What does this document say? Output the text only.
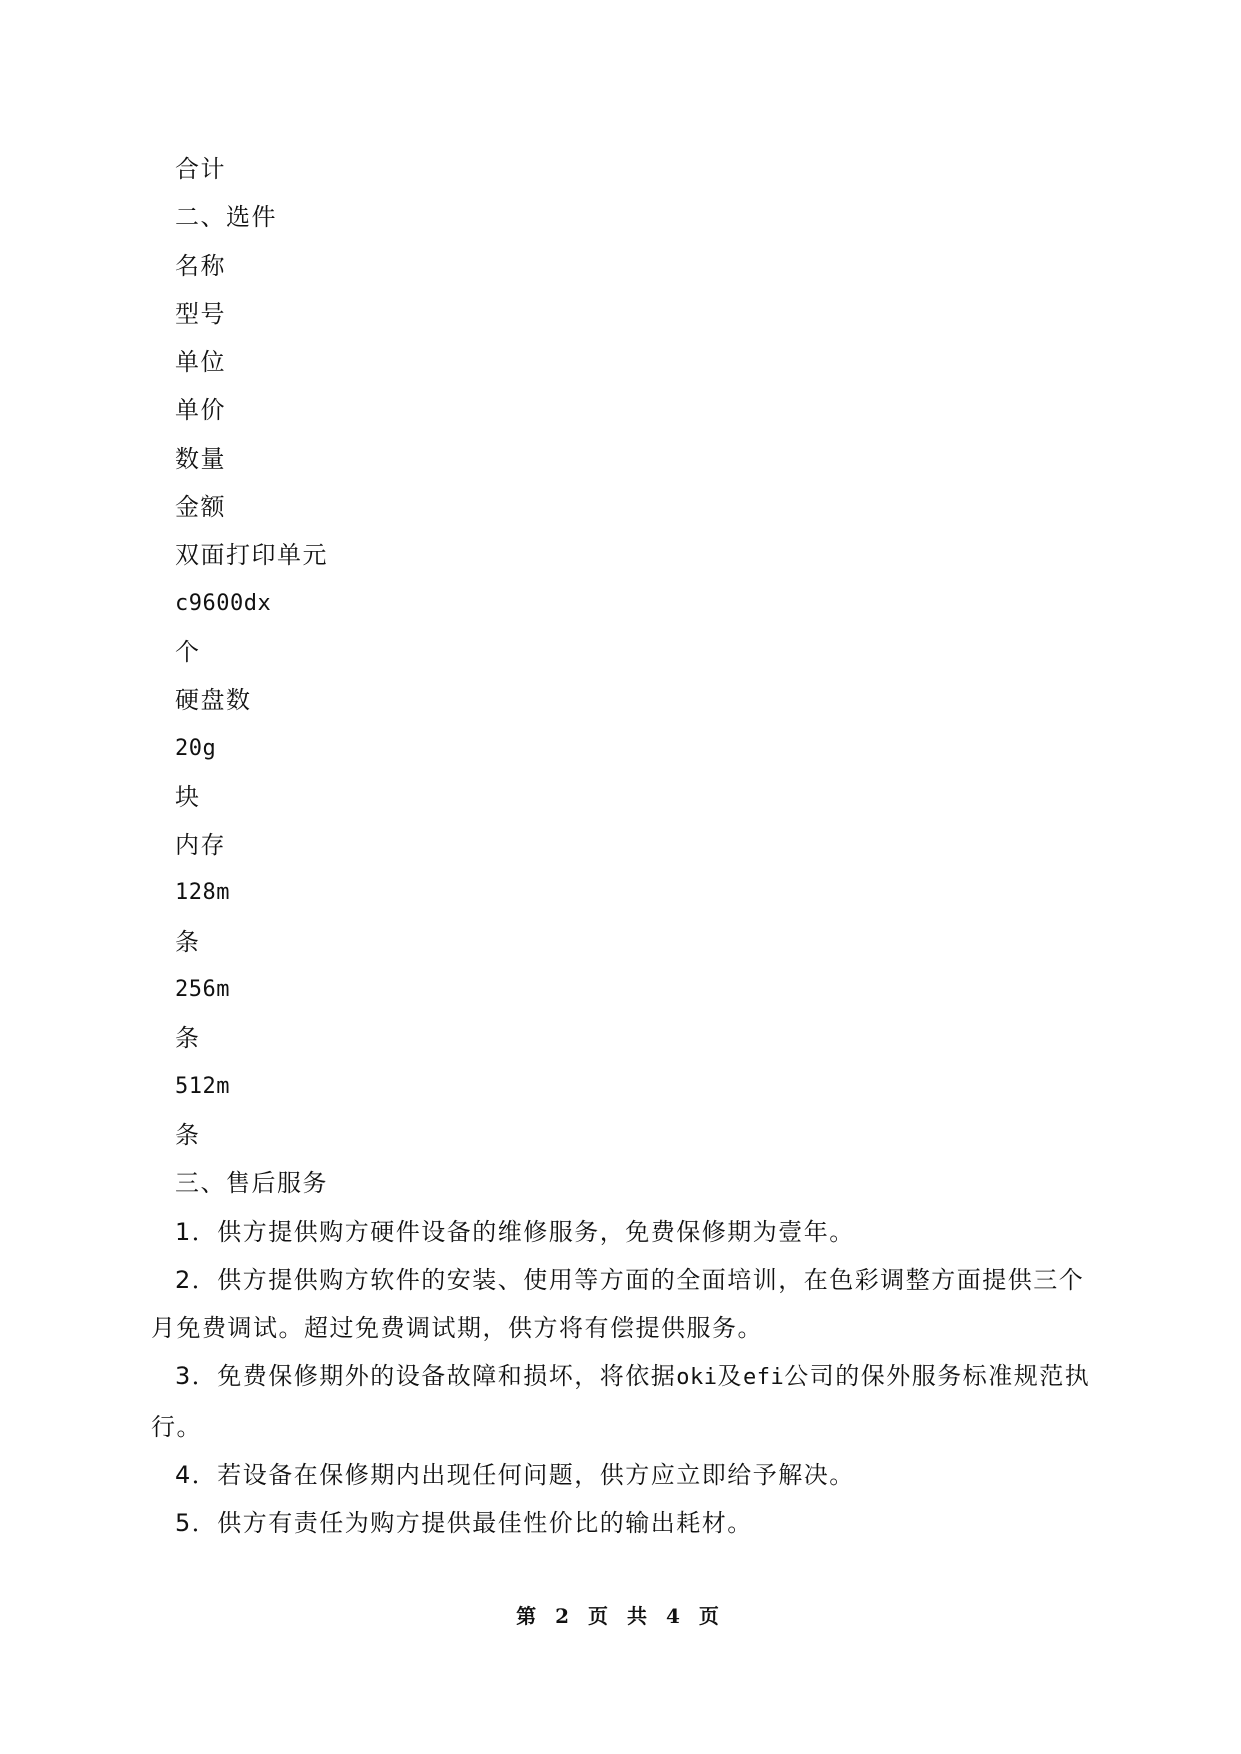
合计
二、选件
名称
型号
单位
单价
数量
金额
双面打印单元
c9600dx
个
硬盘数
20g
块
内存
128m
条
256m
条
512m
条
三、售后服务

1．供方提供购方硬件设备的维修服务，免费保修期为壹年。

2．供方提供购方软件的安装、使用等方面的全面培训，在色彩调整方面提供三个月免费调试。超过免费调试期，供方将有偿提供服务。

3．免费保修期外的设备故障和损坏，将依据oki及efi公司的保外服务标准规范执行。

4．若设备在保修期内出现任何问题，供方应立即给予解决。

5．供方有责任为购方提供最佳性价比的输出耗材。

第 2 页 共 4 页
